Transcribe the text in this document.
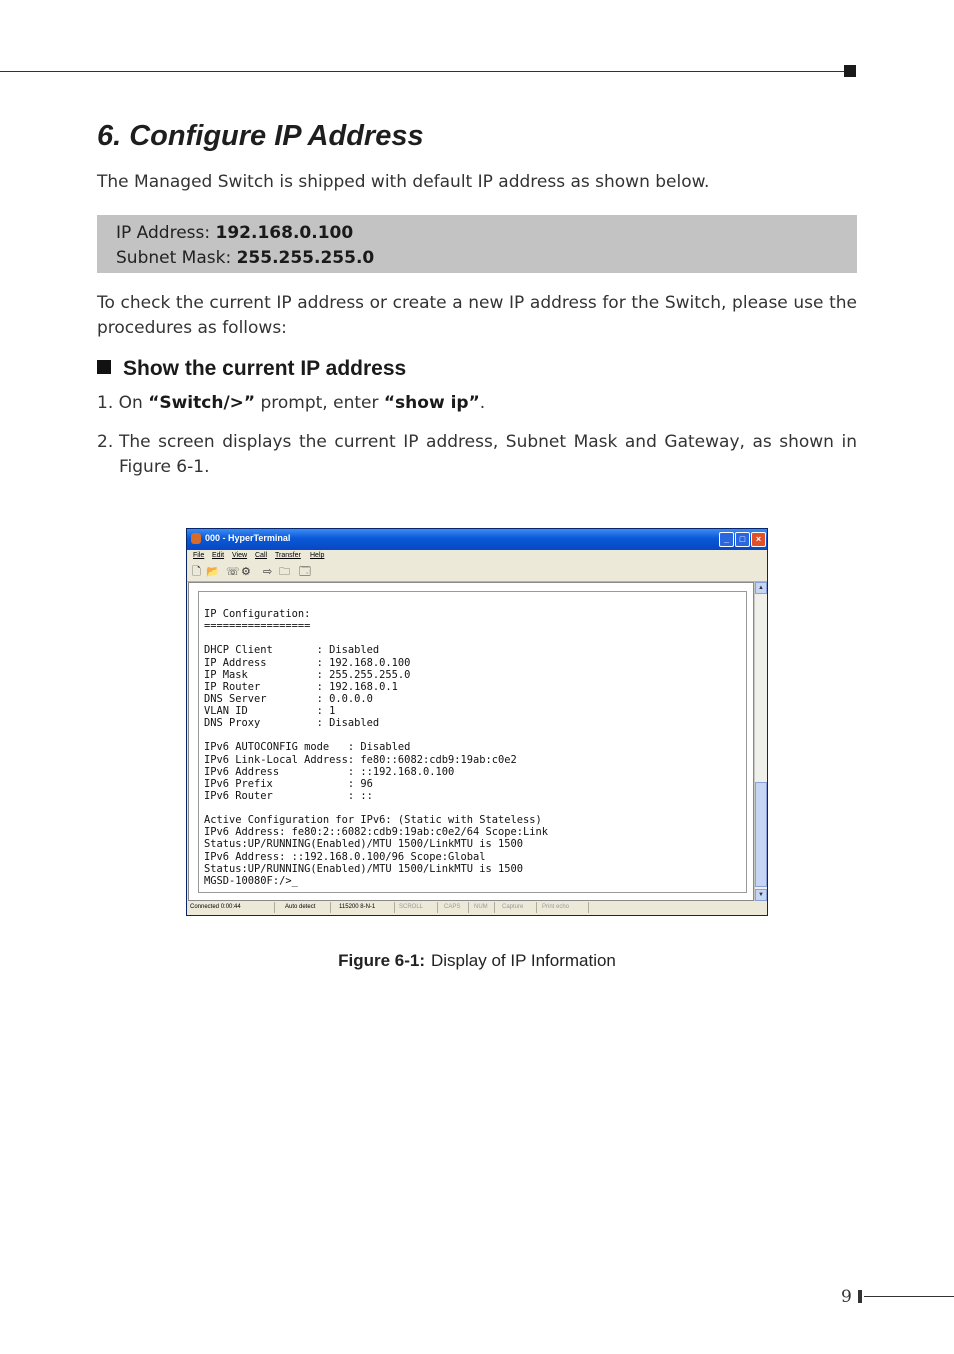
6. Configure IP Address
The Managed Switch is shipped with default IP address as shown below.
IP Address: 192.168.0.100
Subnet Mask: 255.255.255.0
To check the current IP address or create a new IP address for the Switch, please use the procedures as follows:
Show the current IP address
1. On “Switch/>” prompt, enter “show ip”.
2. The screen displays the current IP address, Subnet Mask and Gateway, as shown in Figure 6-1.
000 - HyperTerminal	_	□	×
File Edit View Call Transfer Help
🗋 📂 ☏ ⚙ ⇨ 🗀 🗔
IP Configuration:
=================

DHCP Client       : Disabled
IP Address        : 192.168.0.100
IP Mask           : 255.255.255.0
IP Router         : 192.168.0.1
DNS Server        : 0.0.0.0
VLAN ID           : 1
DNS Proxy         : Disabled

IPv6 AUTOCONFIG mode   : Disabled
IPv6 Link-Local Address: fe80::6082:cdb9:19ab:c0e2
IPv6 Address           : ::192.168.0.100
IPv6 Prefix            : 96
IPv6 Router            : ::

Active Configuration for IPv6: (Static with Stateless)
IPv6 Address: fe80:2::6082:cdb9:19ab:c0e2/64 Scope:Link
Status:UP/RUNNING(Enabled)/MTU 1500/LinkMTU is 1500
IPv6 Address: ::192.168.0.100/96 Scope:Global
Status:UP/RUNNING(Enabled)/MTU 1500/LinkMTU is 1500
MGSD-10080F:/>_
▲
▼
Connected 0:00:44	Auto detect	115200 8-N-1	SCROLL	CAPS NUM Capture	Print echo
Figure 6-1: Display of IP Information
9
